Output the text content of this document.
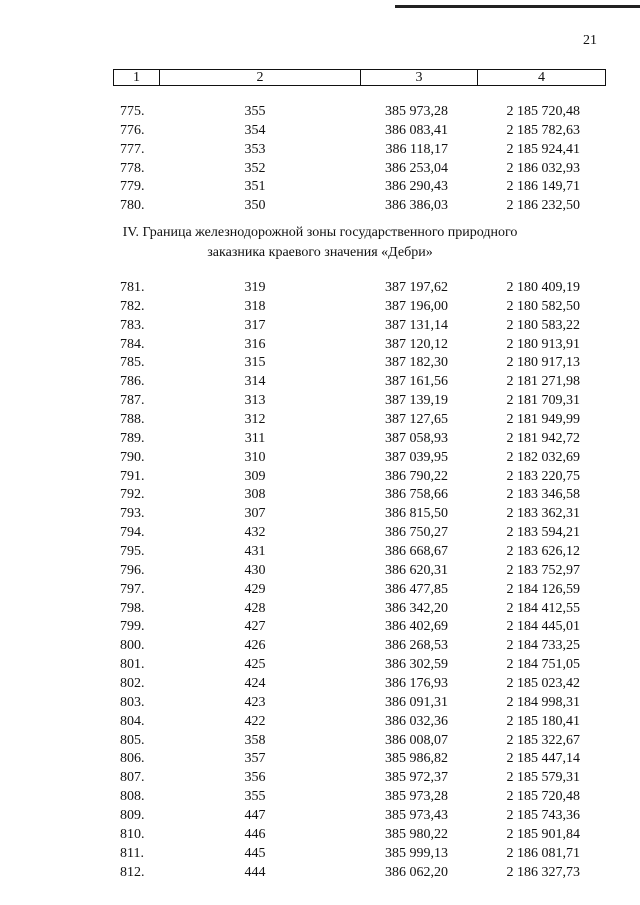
21
1	2	3	4
775.	355	385 973,28	2 185 720,48
776.	354	386 083,41	2 185 782,63
777.	353	386 118,17	2 185 924,41
778.	352	386 253,04	2 186 032,93
779.	351	386 290,43	2 186 149,71
780.	350	386 386,03	2 186 232,50
IV. Граница железнодорожной зоны государственного природного
заказника краевого значения «Дебри»
781.	319	387 197,62	2 180 409,19
782.	318	387 196,00	2 180 582,50
783.	317	387 131,14	2 180 583,22
784.	316	387 120,12	2 180 913,91
785.	315	387 182,30	2 180 917,13
786.	314	387 161,56	2 181 271,98
787.	313	387 139,19	2 181 709,31
788.	312	387 127,65	2 181 949,99
789.	311	387 058,93	2 181 942,72
790.	310	387 039,95	2 182 032,69
791.	309	386 790,22	2 183 220,75
792.	308	386 758,66	2 183 346,58
793.	307	386 815,50	2 183 362,31
794.	432	386 750,27	2 183 594,21
795.	431	386 668,67	2 183 626,12
796.	430	386 620,31	2 183 752,97
797.	429	386 477,85	2 184 126,59
798.	428	386 342,20	2 184 412,55
799.	427	386 402,69	2 184 445,01
800.	426	386 268,53	2 184 733,25
801.	425	386 302,59	2 184 751,05
802.	424	386 176,93	2 185 023,42
803.	423	386 091,31	2 184 998,31
804.	422	386 032,36	2 185 180,41
805.	358	386 008,07	2 185 322,67
806.	357	385 986,82	2 185 447,14
807.	356	385 972,37	2 185 579,31
808.	355	385 973,28	2 185 720,48
809.	447	385 973,43	2 185 743,36
810.	446	385 980,22	2 185 901,84
811.	445	385 999,13	2 186 081,71
812.	444	386 062,20	2 186 327,73
